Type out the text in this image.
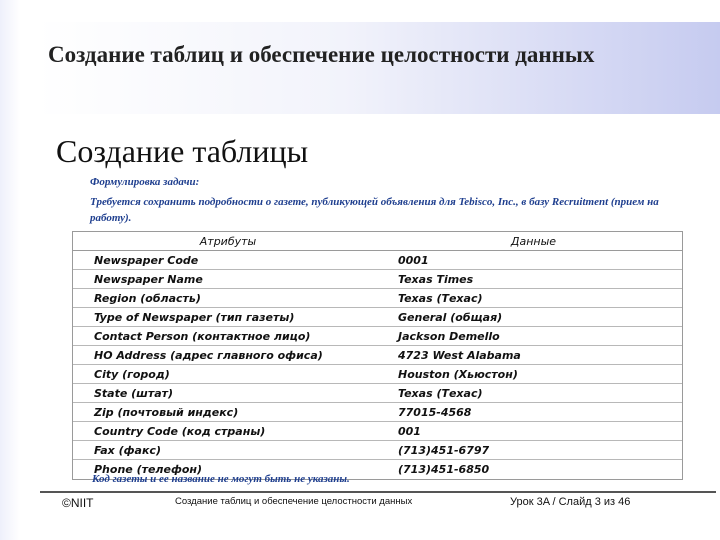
Создание таблиц и обеспечение целостности данных
Создание таблицы
Формулировка задачи:
Требуется сохранить подробности о газете, публикующей объявления для Tebisco, Inc., в базу Recruitment (прием на работу).
Атрибуты	Данные
Newspaper Code	0001
Newspaper Name	Texas Times
Region (область)	Texas (Техас)
Type of Newspaper (тип газеты)	General (общая)
Contact Person (контактное лицо)	Jackson Demello
HO Address (адрес главного офиса)	4723 West Alabama
City (город)	Houston (Хьюстон)
State (штат)	Texas (Техас)
Zip (почтовый индекс)	77015-4568
Country Code (код страны)	001
Fax (факс)	(713)451-6797
Phone (телефон)	(713)451-6850
Код газеты и ее название не могут быть не указаны.
©NIIT	Создание таблиц и обеспечение целостности данных	Урок 3A / Слайд 3 из 46
